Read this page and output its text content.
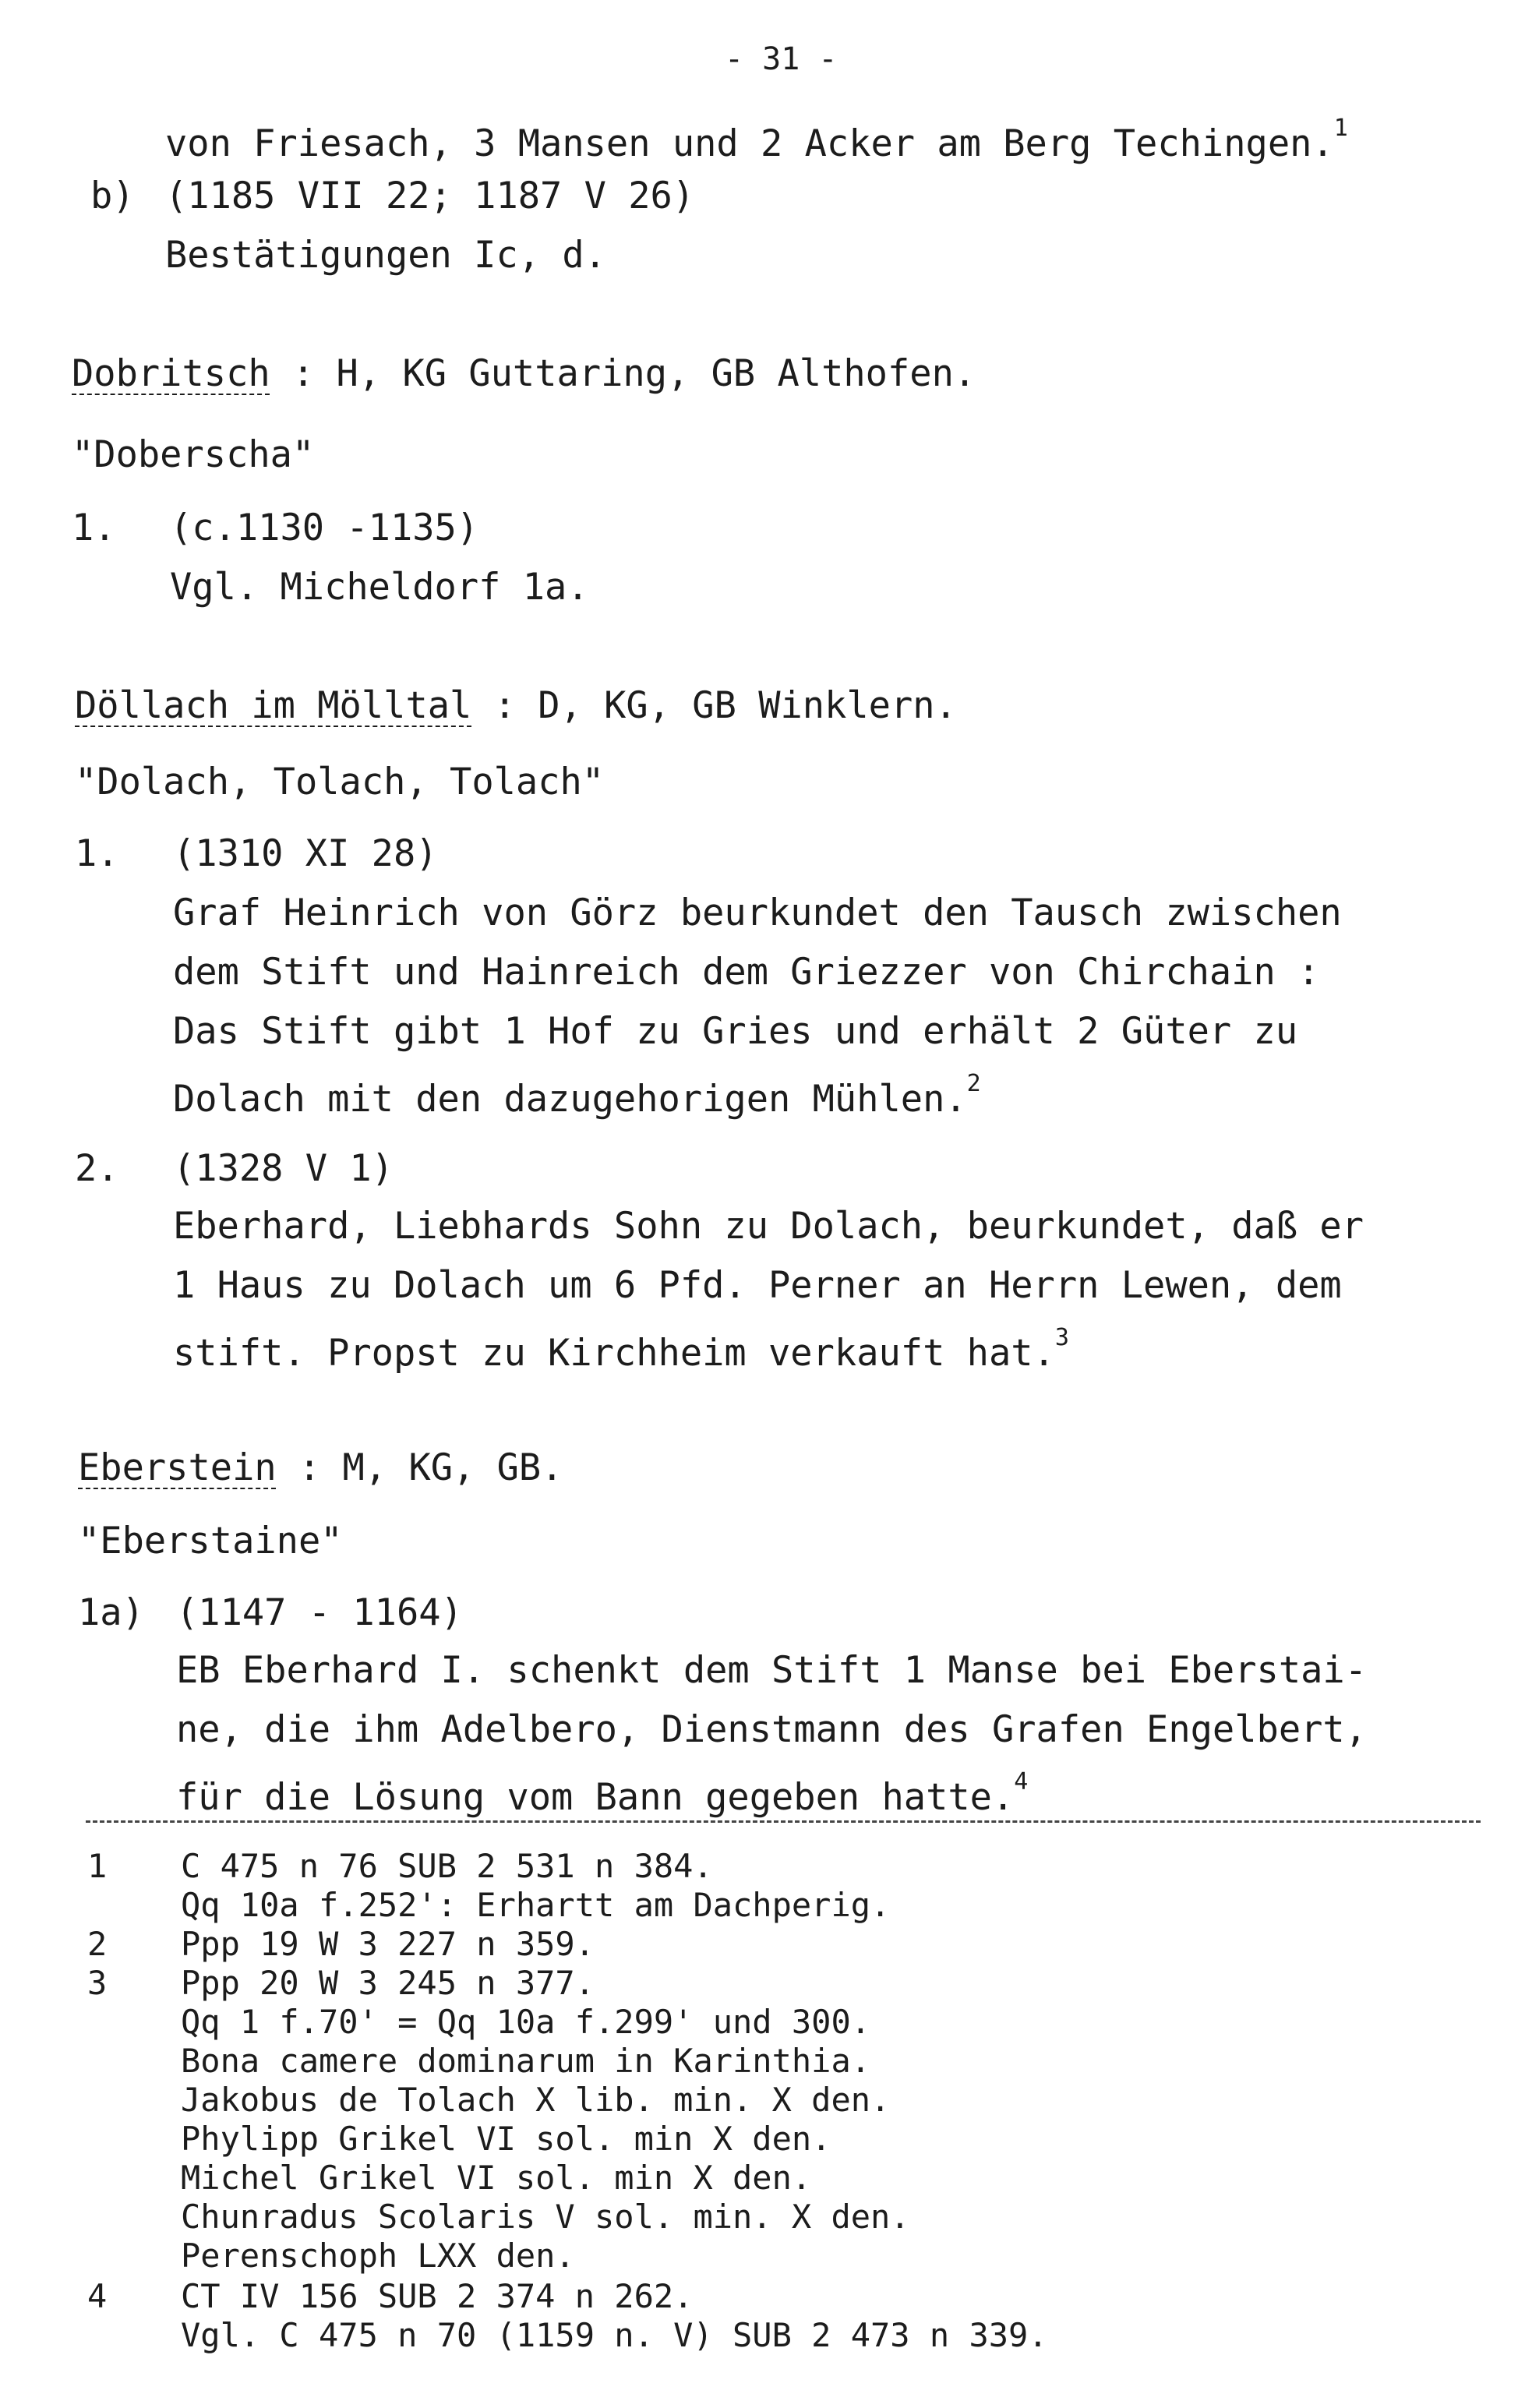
- 31 -
von Friesach, 3 Mansen und 2 Acker am Berg Techingen.$^1$
b) (1185 VII 22; 1187 V 26)
Bestätigungen Ic, d.
Dobritsch : H, KG Guttaring, GB Althofen.
"Doberscha"
1. (c.1130 -1135)
Vgl. Micheldorf 1a.
Döllach im Mölltal : D, KG, GB Winklern.
"Dolach, Tolach, Tolach"
1. (1310 XI 28)
Graf Heinrich von Görz beurkundet den Tausch zwischen
dem Stift und Hainreich dem Griezzer von Chirchain :
Das Stift gibt 1 Hof zu Gries und erhält 2 Güter zu
Dolach mit den dazugehorigen Mühlen.$^2$
2. (1328 V 1)
Eberhard, Liebhards Sohn zu Dolach, beurkundet, daß er
1 Haus zu Dolach um 6 Pfd. Perner an Herrn Lewen, dem
stift. Propst zu Kirchheim verkauft hat.$^3$
Eberstein : M, KG, GB.
"Eberstaine"
1a) (1147 - 1164)
EB Eberhard I. schenkt dem Stift 1 Manse bei Eberstai-
ne, die ihm Adelbero, Dienstmann des Grafen Engelbert,
für die Lösung vom Bann gegeben hatte.$^4$
1 C 475 n 76 SUB 2 531 n 384.
Qq 10a f.252': Erhartt am Dachperig.
2 Ppp 19 W 3 227 n 359.
3 Ppp 20 W 3 245 n 377.
Qq 1 f.70' = Qq 10a f.299' und 300.
Bona camere dominarum in Karinthia.
Jakobus de Tolach X lib. min. X den.
Phylipp Grikel VI sol. min X den.
Michel Grikel VI sol. min X den.
Chunradus Scolaris V sol. min. X den.
Perenschoph LXX den.
4 CT IV 156 SUB 2 374 n 262.
Vgl. C 475 n 70 (1159 n. V) SUB 2 473 n 339.
